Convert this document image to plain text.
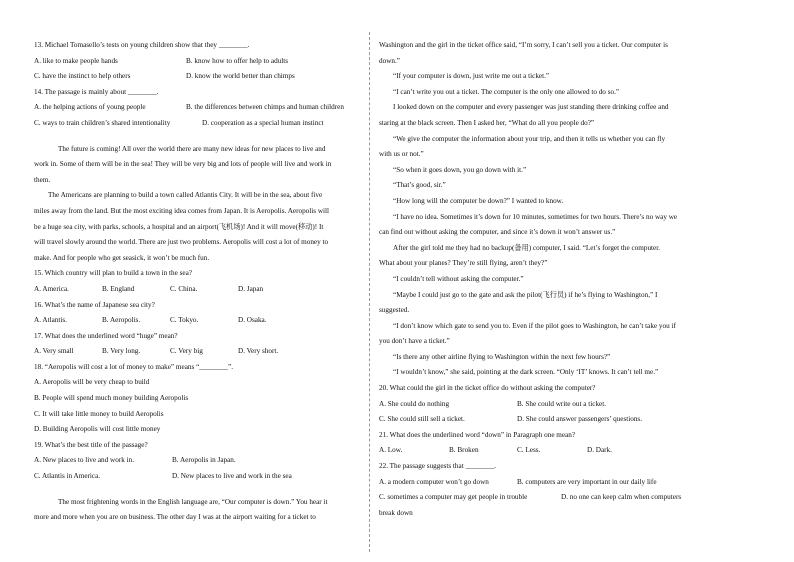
13. Michael Tomasello’s tests on young children show that they ________.
A. like to make people hands	B. know how to offer help to adults
C. have the instinct to help others	D. know the world better than chimps
14. The passage is mainly about ________.
A. the helping actions of young people	B. the differences between chimps and human children
C. ways to train children’s shared intentionality	D. cooperation as a special human instinct
The future is coming! All over the world there are many new ideas for new places to live and
work in. Some of them will be in the sea! They will be very big and lots of people will live and work in
them.
The Americans are planning to build a town called Atlantis City. It will be in the sea, about five
miles away from the land. But the most exciting idea comes from Japan. It is Aeropolis. Aeropolis will
be a huge sea city, with parks, schools, a hospital and an airport(飞机场)! And it will move(移动)! It
will travel slowly around the world. There are just two problems. Aeropolis will cost a lot of money to
make. And for people who get seasick, it won’t be much fun.
15. Which country will plan to build a town in the sea?
A. America.	B. England	C. China.	D. Japan
16. What’s the name of Japanese sea city?
A. Atlantis.	B. Aeropolis.	C. Tokyo.	D. Osaka.
17. What does the underlined word “huge” mean?
A. Very small	B. Very long.	C. Very big	D. Very short.
18. “Aeropolis will cost a lot of money to make” means “________”.
A. Aeropolis will be very cheap to build
B. People will spend much money building Aeropolis
C. It will take little money to build Aeropolis
D. Building Aeropolis will cost little money
19. What’s the best title of the passage?
A. New places to live and work in.	B. Aeropolis in Japan.
C. Atlantis in America.	D. New places to live and work in the sea
The most frightening words in the English language are, “Our computer is down.” You hear it
more and more when you are on business. The other day I was at the airport waiting for a ticket to
Washington and the girl in the ticket office said, “I’m sorry, I can’t sell you a ticket. Our computer is
down.”
“If your computer is down, just write me out a ticket.”
“I can’t write you out a ticket. The computer is the only one allowed to do so.”
I looked down on the computer and every passenger was just standing there drinking coffee and
staring at the black screen. Then I asked her, “What do all you people do?”
“We give the computer the information about your trip, and then it tells us whether you can fly
with us or not.”
“So when it goes down, you go down with it.”
“That’s good, sir.”
“How long will the computer be down?” I wanted to know.
“I have no idea. Sometimes it’s down for 10 minutes, sometimes for two hours. There’s no way we
can find out without asking the computer, and since it’s down it won’t answer us.”
After the girl told me they had no backup(备用) computer, I said. “Let’s forget the computer.
What about your planes? They’re still flying, aren’t they?”
“I couldn’t tell without asking the computer.”
“Maybe I could just go to the gate and ask the pilot(飞行员) if he’s flying to Washington,” I
suggested.
“I don’t know which gate to send you to. Even if the pilot goes to Washington, he can’t take you if
you don’t have a ticket.”
“Is there any other airline flying to Washington within the next few hours?”
“I wouldn’t know,” she said, pointing at the dark screen. “Only ‘IT’ knows. It can’t tell me.”
20. What could the girl in the ticket office do without asking the computer?
A. She could do nothing	B. She could write out a ticket.
C. She could still sell a ticket.	D. She could answer passengers’ questions.
21. What does the underlined word “down” in Paragraph one mean?
A. Low.	B. Broken	C. Less.	D. Dark.
22. The passage suggests that ________.
A. a modern computer won’t go down	B. computers are very important in our daily life
C. sometimes a computer may get people in trouble	D. no one can keep calm when computers
break down
